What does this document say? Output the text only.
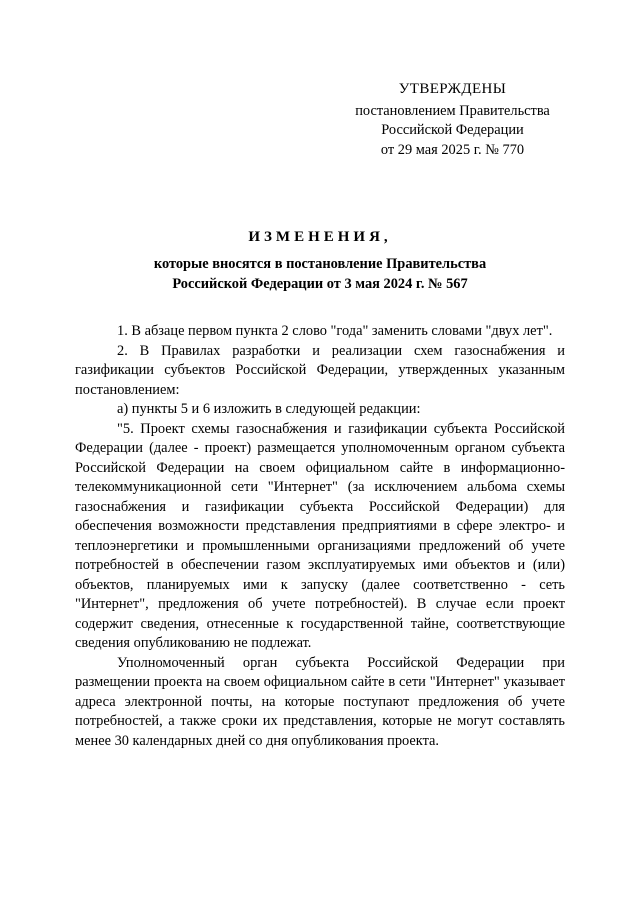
УТВЕРЖДЕНЫ
постановлением Правительства
Российской Федерации
от 29 мая 2025 г. № 770
ИЗМЕНЕНИЯ,
которые вносятся в постановление Правительства
Российской Федерации от 3 мая 2024 г. № 567

1. В абзаце первом пункта 2 слово "года" заменить словами "двух лет".

2. В Правилах разработки и реализации схем газоснабжения и газификации субъектов Российской Федерации, утвержденных указанным постановлением:

а) пункты 5 и 6 изложить в следующей редакции:

"5. Проект схемы газоснабжения и газификации субъекта Российской Федерации (далее - проект) размещается уполномоченным органом субъекта Российской Федерации на своем официальном сайте в информационно-телекоммуникационной сети "Интернет" (за исключением альбома схемы газоснабжения и газификации субъекта Российской Федерации) для обеспечения возможности представления предприятиями в сфере электро- и теплоэнергетики и промышленными организациями предложений об учете потребностей в обеспечении газом эксплуатируемых ими объектов и (или) объектов, планируемых ими к запуску (далее соответственно - сеть "Интернет", предложения об учете потребностей). В случае если проект содержит сведения, отнесенные к государственной тайне, соответствующие сведения опубликованию не подлежат.

Уполномоченный орган субъекта Российской Федерации при размещении проекта на своем официальном сайте в сети "Интернет" указывает адреса электронной почты, на которые поступают предложения об учете потребностей, а также сроки их представления, которые не могут составлять менее 30 календарных дней со дня опубликования проекта.
